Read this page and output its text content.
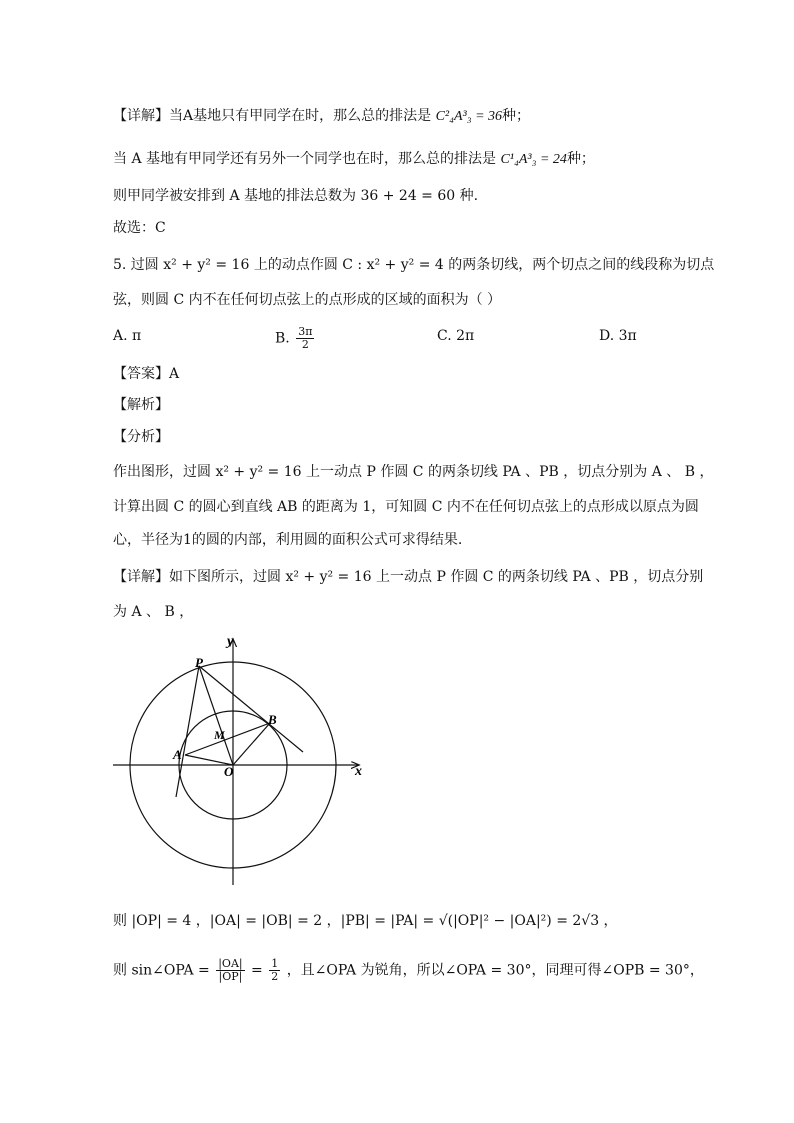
【详解】当A基地只有甲同学在时，那么总的排法是 C²₄A³₃ = 36种；
当 A 基地有甲同学还有另外一个同学也在时，那么总的排法是 C¹₄A³₃ = 24种；
则甲同学被安排到 A 基地的排法总数为 36 + 24 = 60 种.
故选：C
5. 过圆 x² + y² = 16 上的动点作圆 C : x² + y² = 4 的两条切线，两个切点之间的线段称为切点
弦，则圆 C 内不在任何切点弦上的点形成的区域的面积为（ ）
A. π	B. $\frac{3\pi}{2}$	C. 2π	D. 3π
【答案】A
【解析】
【分析】
作出图形，过圆 x² + y² = 16 上一动点 P 作圆 C 的两条切线 PA 、PB ，切点分别为 A 、 B ，
计算出圆 C 的圆心到直线 AB 的距离为 1，可知圆 C 内不在任何切点弦上的点形成以原点为圆
心，半径为1的圆的内部，利用圆的面积公式可求得结果.
【详解】如下图所示，过圆 x² + y² = 16 上一动点 P 作圆 C 的两条切线 PA 、PB ，切点分别
为 A 、 B ，
y
x
P
B
M
A
O
则 |OP| = 4 ，|OA| = |OB| = 2 ，|PB| = |PA| = √(|OP|² − |OA|²) = 2√3 ，
则 sin∠OPA = $\frac{|OA|}{|OP|} = \frac{1}{2}$ ，且∠OPA 为锐角，所以∠OPA = 30°，同理可得∠OPB = 30°，
